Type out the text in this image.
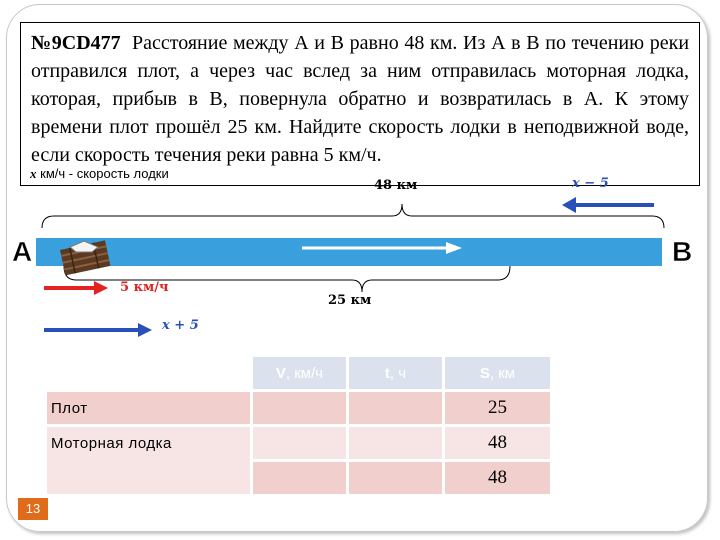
№9CD477 Расстояние между А и В равно 48 км. Из А в В по течению реки отправился плот, а через час вслед за ним отправилась моторная лодка, которая, прибыв в В, повернула обратно и возвратилась в А. К этому времени плот прошёл 25 км. Найдите скорость лодки в неподвижной воде, если скорость течения реки равна 5 км/ч.
x км/ч - скорость лодки
A	B
48 км	x − 5
5 км/ч
25 км
x + 5
	V, км/ч	t, ч	S, км
Плот			25
Моторная лодка			48
			48
13
